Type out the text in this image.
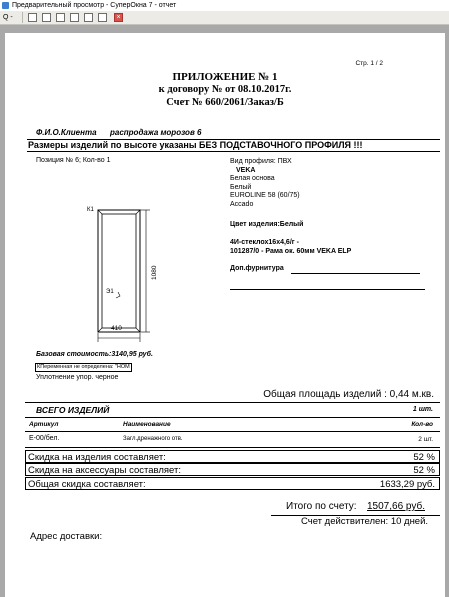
Предварительный просмотр - СуперОкна 7 - отчет
Q -	×
Стр. 1 / 2
ПРИЛОЖЕНИЕ № 1
к договору № от 08.10.2017г.
Счет № 660/2061/Заказ/Б
Ф.И.О.Клиента распродажа морозов 6
Размеры изделий по высоте указаны БЕЗ ПОДСТАВОЧНОГО ПРОФИЛЯ !!!
Позиция № 6; Кол-во 1
К1
Э1
1080
410
Вид профиля: ПВХ
VEKA
Белая основа
Белый
EUROLINE 58 (60/75)
Accado
Цвет изделия:Белый
4И-стеклох16х4,6/г -
101287/0 - Рама ок. 60мм VEKA ELP
Доп.фурнитура
Базовая стоимость:3140,95 руб.
КПеременная не определена: "НОМ
Уплотнение упор. черное
Общая площадь изделий : 0,44 м.кв.
ВСЕГО ИЗДЕЛИЙ	1 шт.
Артикул	Наименование	Кол-во
Е-00/бел.	Загл.дренажного отв.	2 шт.
Скидка на изделия составляет:	52 %
Скидка на аксессуары составляет:	52 %
Общая скидка составляет:	1633,29 руб.
Итого по счету: 1507,66 руб.
Счет действителен: 10 дней.
Адрес доставки:
